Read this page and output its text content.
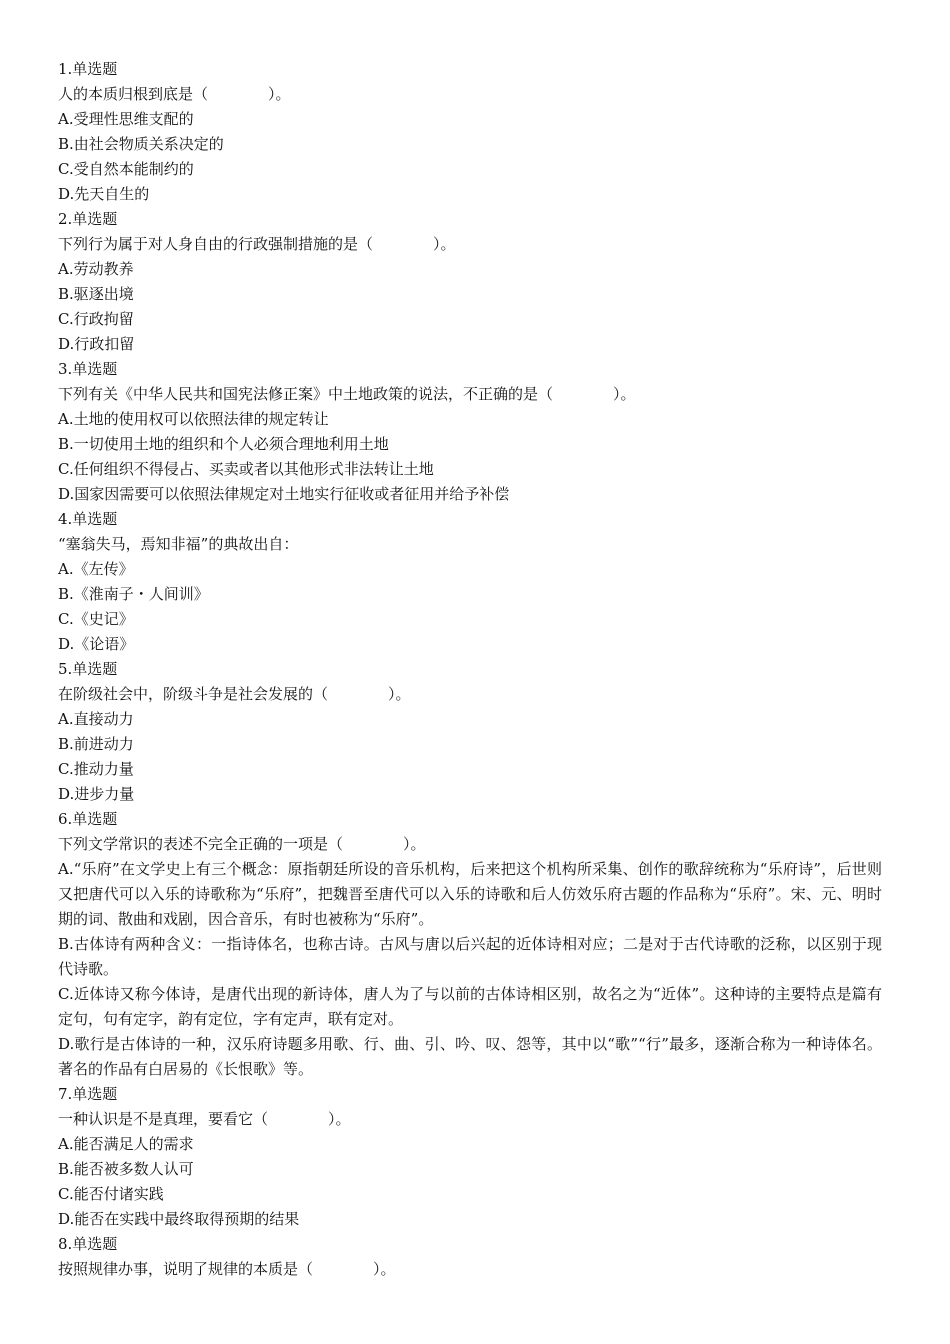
1.单选题

人的本质归根到底是（　　　　）。

A.受理性思维支配的

B.由社会物质关系决定的

C.受自然本能制约的

D.先天自生的

2.单选题

下列行为属于对人身自由的行政强制措施的是（　　　　）。

A.劳动教养

B.驱逐出境

C.行政拘留

D.行政扣留

3.单选题

下列有关《中华人民共和国宪法修正案》中土地政策的说法，不正确的是（　　　　）。

A.土地的使用权可以依照法律的规定转让

B.一切使用土地的组织和个人必须合理地利用土地

C.任何组织不得侵占、买卖或者以其他形式非法转让土地

D.国家因需要可以依照法律规定对土地实行征收或者征用并给予补偿

4.单选题

“塞翁失马，焉知非福”的典故出自：

A.《左传》

B.《淮南子・人间训》

C.《史记》

D.《论语》

5.单选题

在阶级社会中，阶级斗争是社会发展的（　　　　）。

A.直接动力

B.前进动力

C.推动力量

D.进步力量

6.单选题

下列文学常识的表述不完全正确的一项是（　　　　）。

A.“乐府”在文学史上有三个概念：原指朝廷所设的音乐机构，后来把这个机构所采集、创作的歌辞统称为“乐府诗”，后世则又把唐代可以入乐的诗歌称为“乐府”，把魏晋至唐代可以入乐的诗歌和后人仿效乐府古题的作品称为“乐府”。宋、元、明时期的词、散曲和戏剧，因合音乐，有时也被称为“乐府”。

B.古体诗有两种含义：一指诗体名，也称古诗。古风与唐以后兴起的近体诗相对应；二是对于古代诗歌的泛称，以区别于现代诗歌。

C.近体诗又称今体诗，是唐代出现的新诗体，唐人为了与以前的古体诗相区别，故名之为“近体”。这种诗的主要特点是篇有定句，句有定字，韵有定位，字有定声，联有定对。

D.歌行是古体诗的一种，汉乐府诗题多用歌、行、曲、引、吟、叹、怨等，其中以“歌”“行”最多，逐渐合称为一种诗体名。著名的作品有白居易的《长恨歌》等。

7.单选题

一种认识是不是真理，要看它（　　　　）。

A.能否满足人的需求

B.能否被多数人认可

C.能否付诸实践

D.能否在实践中最终取得预期的结果

8.单选题

按照规律办事，说明了规律的本质是（　　　　）。
